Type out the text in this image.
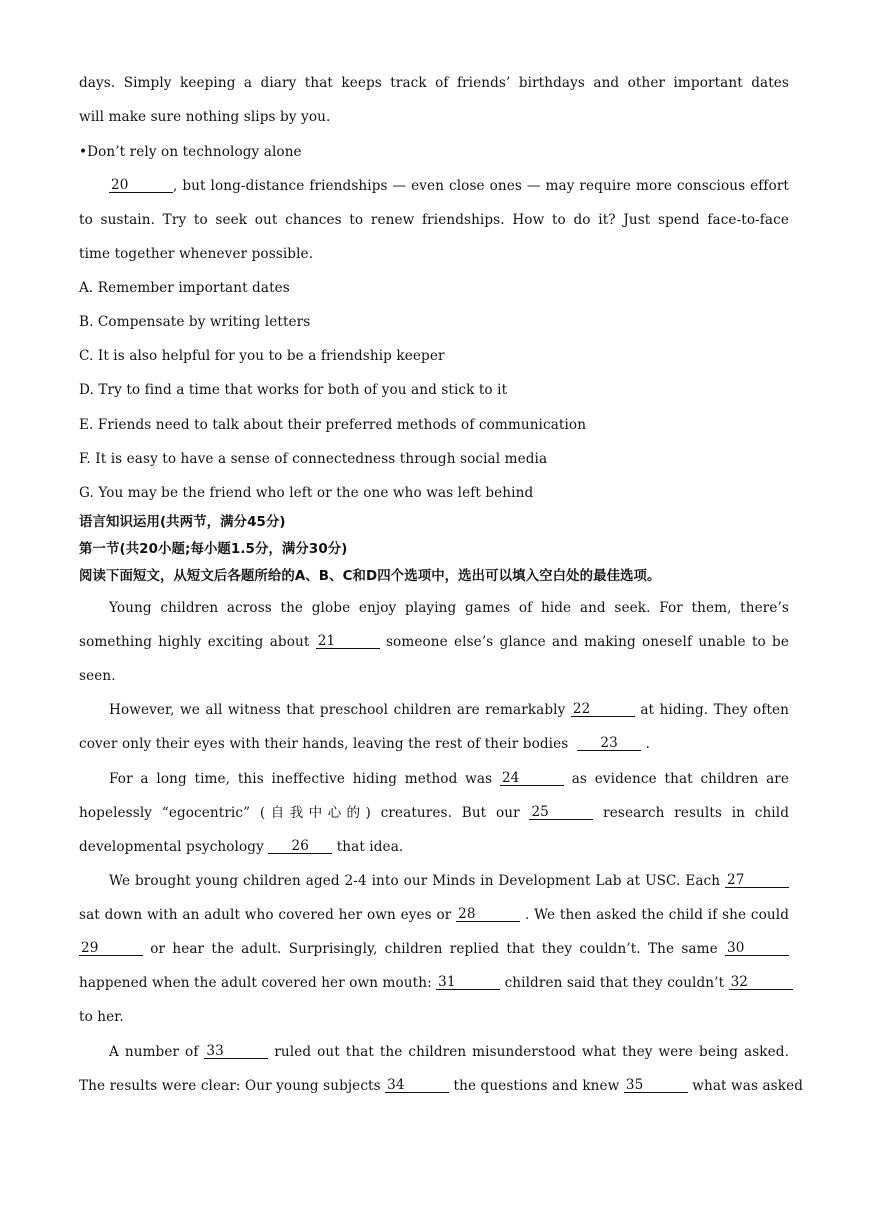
days. Simply keeping a diary that keeps track of friends’ birthdays and other important dates
will make sure nothing slips by you.
•Don’t rely on technology alone
20	, but long-distance friendships — even close ones — may require more conscious effort
to sustain. Try to seek out chances to renew friendships. How to do it? Just spend face-to-face
time together whenever possible.
A. Remember important dates
B. Compensate by writing letters
C. It is also helpful for you to be a friendship keeper
D. Try to find a time that works for both of you and stick to it
E. Friends need to talk about their preferred methods of communication
F. It is easy to have a sense of connectedness through social media
G. You may be the friend who left or the one who was left behind
语言知识运用(共两节，满分45分)
第一节(共20小题;每小题1.5分，满分30分)
阅读下面短文，从短文后各题所给的A、B、C和D四个选项中，选出可以填入空白处的最佳选项。
Young children across the globe enjoy playing games of hide and seek. For them, there’s
something highly exciting about 21	someone else’s glance and making oneself unable to be
seen.
However, we all witness that preschool children are remarkably 22	at hiding. They often
cover only their eyes with their hands, leaving the rest of their bodies 23 .
For a long time, this ineffective hiding method was 24	as evidence that children are
hopelessly “egocentric” (自我中心的) creatures. But our 25	research results in child
developmental psychology 26 that idea.
We brought young children aged 2-4 into our Minds in Development Lab at USC. Each 27
sat down with an adult who covered her own eyes or 28	. We then asked the child if she could
29	or hear the adult. Surprisingly, children replied that they couldn’t. The same 30
happened when the adult covered her own mouth: 31	children said that they couldn’t 32
to her.
A number of 33	ruled out that the children misunderstood what they were being asked.
The results were clear: Our young subjects 34	the questions and knew 35	what was asked
